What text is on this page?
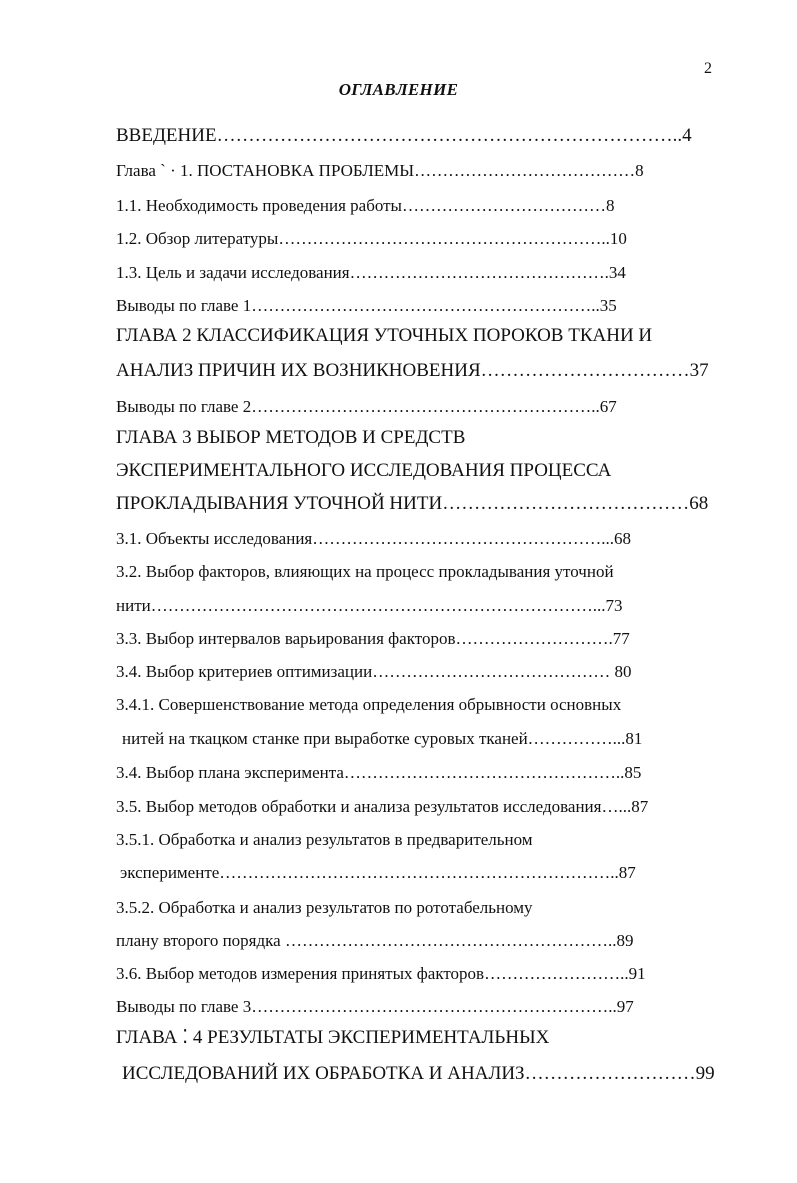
2
ОГЛАВЛЕНИЕ
ВВЕДЕНИЕ………………………………………………………………..4
Глава ` · 1. ПОСТАНОВКА ПРОБЛЕМЫ…………………………………8
1.1. Необходимость проведения работы………………………………8
1.2. Обзор литературы…………………………………………………..10
1.3. Цель и задачи исследования……………………………………….34
Выводы по главе 1……………………………………………………..35
ГЛАВА 2 КЛАССИФИКАЦИЯ УТОЧНЫХ ПОРОКОВ ТКАНИ И
АНАЛИЗ ПРИЧИН ИХ ВОЗНИКНОВЕНИЯ……………………………37
Выводы по главе 2……………………………………………………..67
ГЛАВА 3 ВЫБОР МЕТОДОВ И СРЕДСТВ
ЭКСПЕРИМЕНТАЛЬНОГО ИССЛЕДОВАНИЯ ПРОЦЕССА
ПРОКЛАДЫВАНИЯ УТОЧНОЙ НИТИ…………………………………68
3.1. Объекты исследования……………………………………………...68
3.2. Выбор факторов, влияющих на процесс прокладывания уточной
нити……………………………………………………………………...73
3.3. Выбор интервалов варьирования факторов……………………….77
3.4. Выбор критериев оптимизации…………………………………… 80
3.4.1. Совершенствование метода определения обрывности основных
нитей на ткацком станке при выработке суровых тканей……………...81
3.4. Выбор плана эксперимента…………………………………………..85
3.5. Выбор методов обработки и анализа результатов исследования…...87
3.5.1. Обработка и анализ результатов в предварительном
эксперименте……………………………………………………………..87
3.5.2. Обработка и анализ результатов по рототабельному
плану второго порядка …………………………………………………..89
3.6. Выбор методов измерения принятых факторов……………………..91
Выводы по главе 3………………………………………………………..97
ГЛАВА ⁚ 4 РЕЗУЛЬТАТЫ ЭКСПЕРИМЕНТАЛЬНЫХ
ИССЛЕДОВАНИЙ ИХ ОБРАБОТКА И АНАЛИЗ………………………99
